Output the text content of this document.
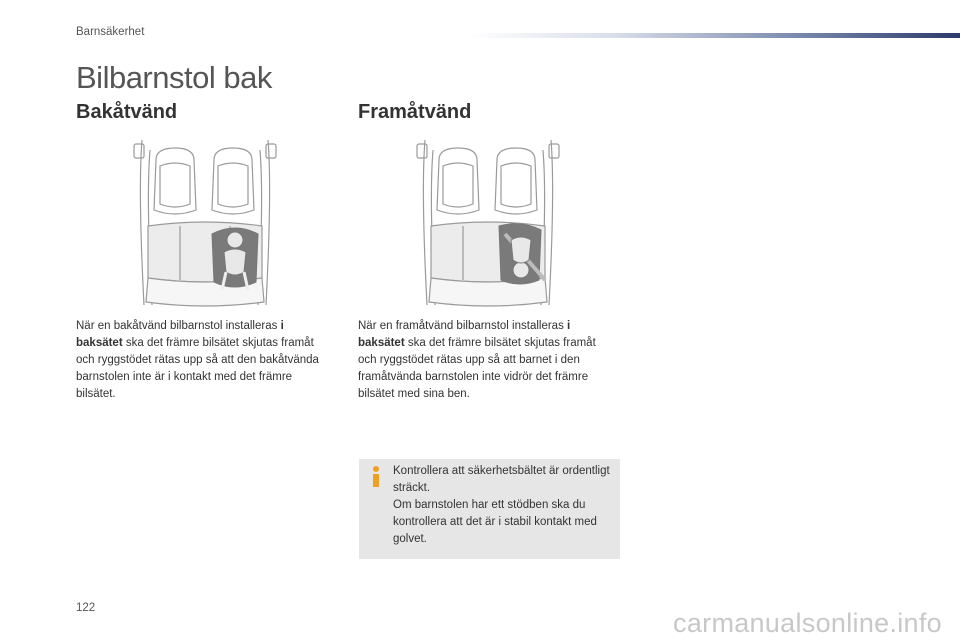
Barnsäkerhet
Bilbarnstol bak
Bakåtvänd	Framåtvänd

När en bakåtvänd bilbarnstol installeras i baksätet ska det främre bilsätet skjutas framåt och ryggstödet rätas upp så att den bakåtvända barnstolen inte är i kontakt med det främre bilsätet.

När en framåtvänd bilbarnstol installeras i baksätet ska det främre bilsätet skjutas framåt och ryggstödet rätas upp så att barnet i den framåtvända barnstolen inte vidrör det främre bilsätet med sina ben.

Kontrollera att säkerhetsbältet är ordentligt sträckt.
Om barnstolen har ett stödben ska du kontrollera att det är i stabil kontakt med golvet.
122	carmanualsonline.info
